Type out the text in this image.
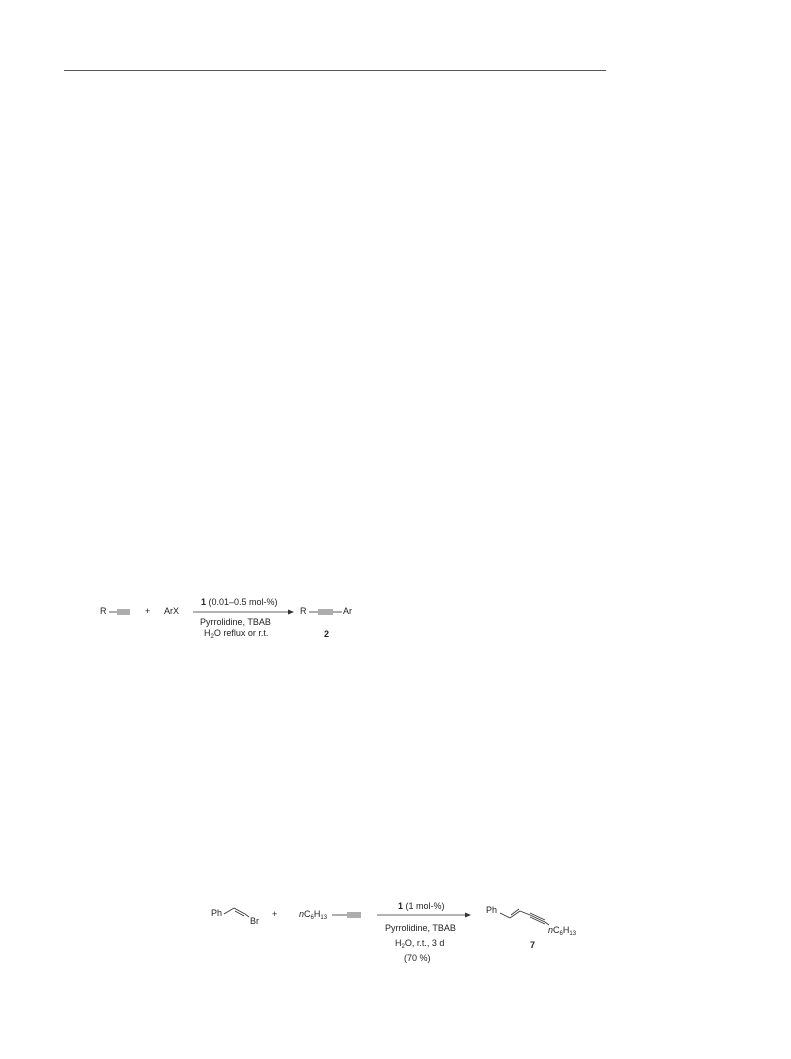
R	+ ArX
1 (0.01–0.5 mol-%)
Pyrrolidine, TBAB
$H_2O$ reflux or r.t.
R	Ar
2
Ph
Br
+ $nC_6H_{13}$
1 (1 mol-%)
Pyrrolidine, TBAB
$H_2O$, r.t., 3 d
(70 %)
Ph
$nC_6H_{13}$
7
